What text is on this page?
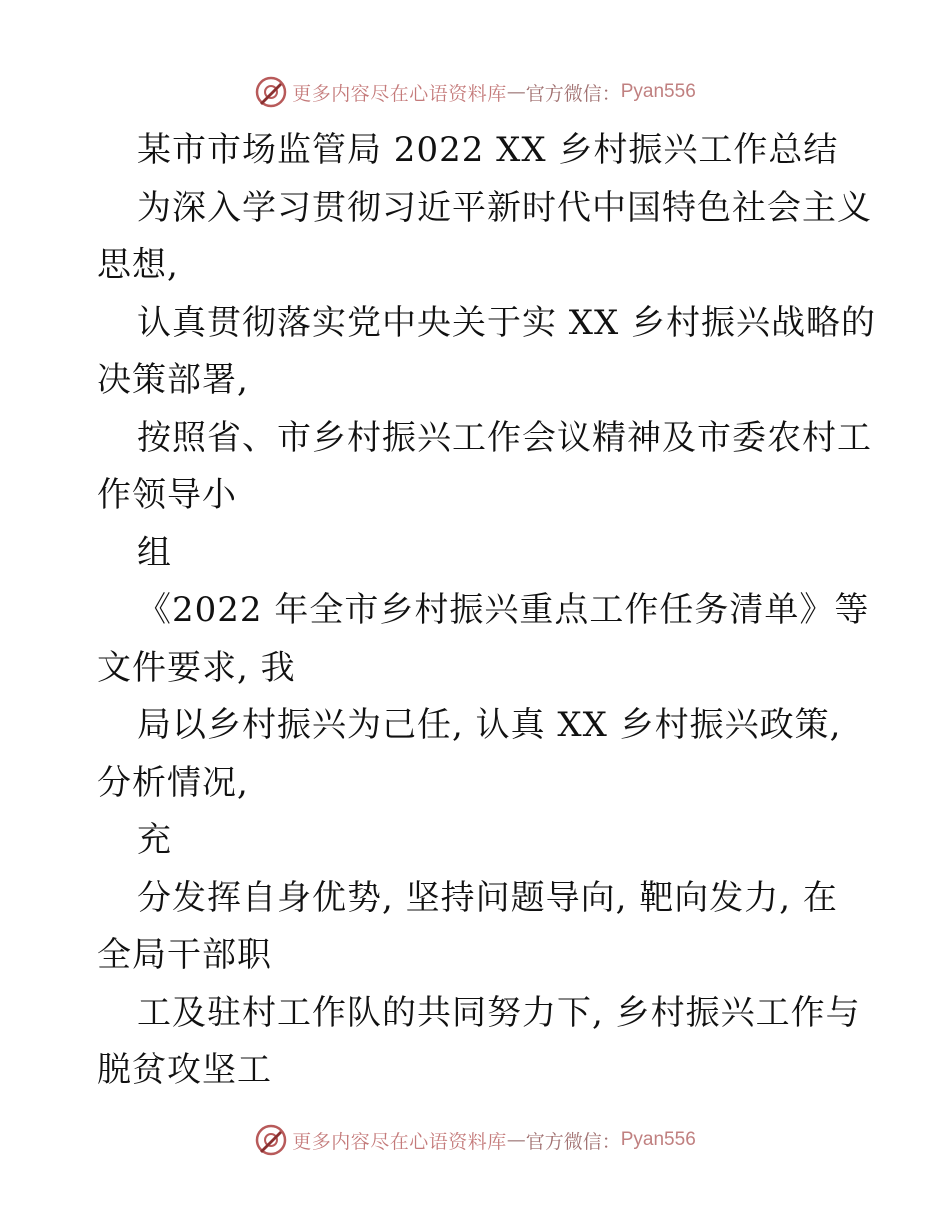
更多内容尽在心语资料库 — 官方微信： Pyan556
某市市场监管局 2022 XX 乡村振兴工作总结
为深入学习贯彻习近平新时代中国特色社会主义
思想,
认真贯彻落实党中央关于实 XX 乡村振兴战略的
决策部署,
按照省、市乡村振兴工作会议精神及市委农村工
作领导小
组
《2022 年全市乡村振兴重点工作任务清单》等
文件要求, 我
局以乡村振兴为己任, 认真 XX 乡村振兴政策,
分析情况,
充
分发挥自身优势, 坚持问题导向, 靶向发力, 在
全局干部职
工及驻村工作队的共同努力下, 乡村振兴工作与
脱贫攻坚工
更多内容尽在心语资料库 — 官方微信： Pyan556
